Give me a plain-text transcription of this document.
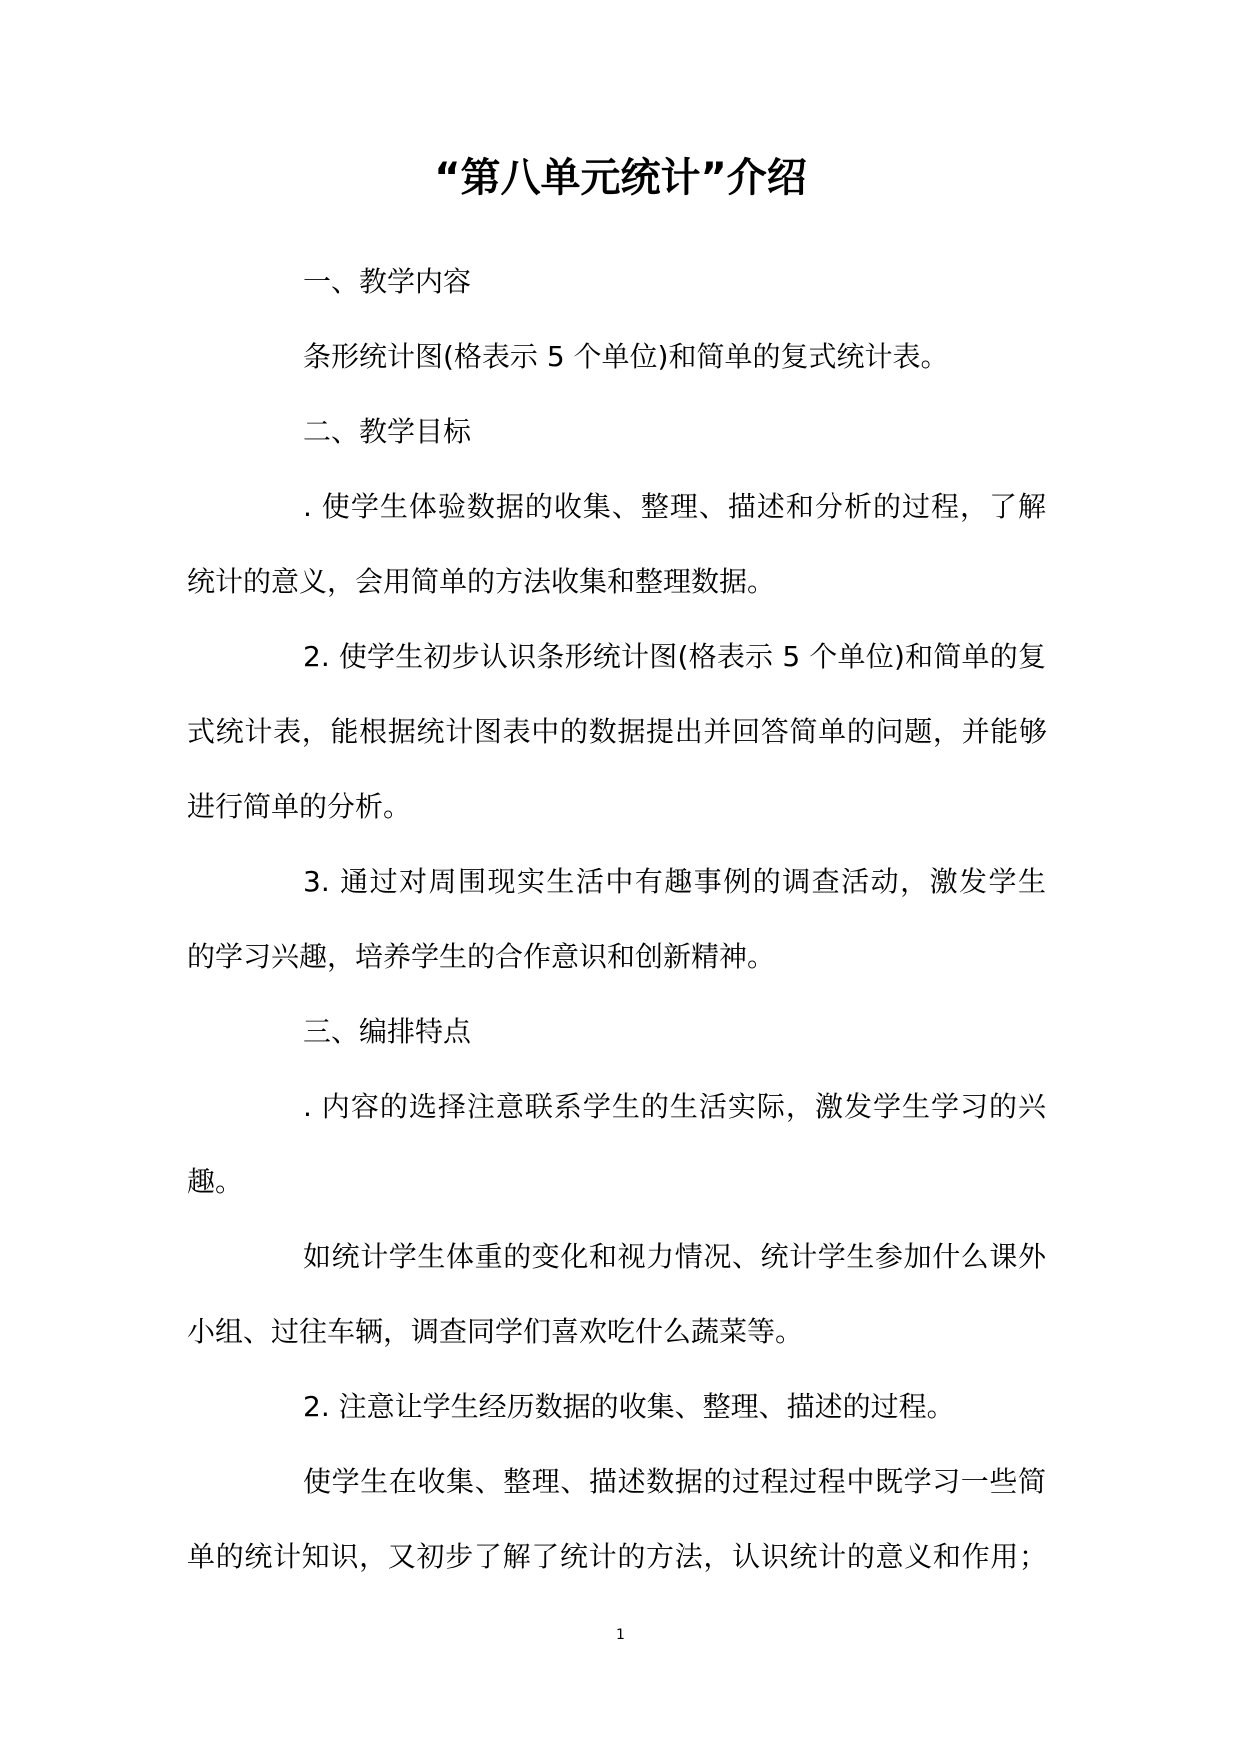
“第八单元统计”介绍

一、教学内容

条形统计图(格表示 5 个单位)和简单的复式统计表。

二、教学目标

. 使学生体验数据的收集、整理、描述和分析的过程，了解

统计的意义，会用简单的方法收集和整理数据。

2. 使学生初步认识条形统计图(格表示 5 个单位)和简单的复

式统计表，能根据统计图表中的数据提出并回答简单的问题，并能够

进行简单的分析。

3. 通过对周围现实生活中有趣事例的调查活动，激发学生

的学习兴趣，培养学生的合作意识和创新精神。

三、编排特点

. 内容的选择注意联系学生的生活实际，激发学生学习的兴

趣。

如统计学生体重的变化和视力情况、统计学生参加什么课外

小组、过往车辆，调查同学们喜欢吃什么蔬菜等。

2. 注意让学生经历数据的收集、整理、描述的过程。

使学生在收集、整理、描述数据的过程过程中既学习一些简

单的统计知识，又初步了解了统计的方法，认识统计的意义和作用；

1
